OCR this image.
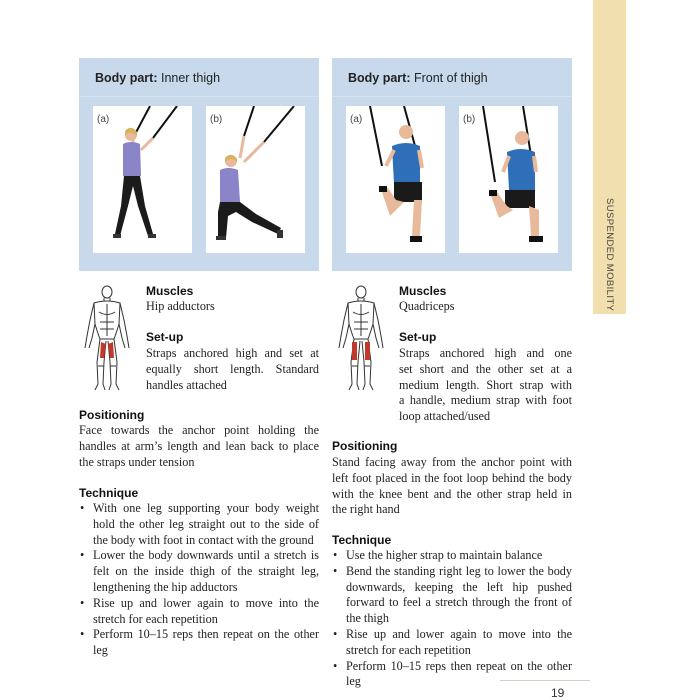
SUSPENDED MOBILITY
Body part: Inner thigh
(a)	(b)
Body part: Front of thigh
(a)	(b)
Muscles
Hip adductors
Set-up
Straps anchored high and set at
equally short length. Standard
handles attached
Positioning
Face towards the anchor point holding the
handles at arm’s length and lean back to place
the straps under tension
Technique
• With one leg supporting your body weight hold the other leg straight out to the side of the body with foot in contact with the ground
• Lower the body downwards until a stretch is felt on the inside thigh of the straight leg, lengthening the hip adductors
• Rise up and lower again to move into the stretch for each repetition
• Perform 10–15 reps then repeat on the other leg
Muscles
Quadriceps
Set-up
Straps anchored high and one
set short and the other set at a
medium length. Short strap with
a handle, medium strap with foot
loop attached/used
Positioning
Stand facing away from the anchor point with
left foot placed in the foot loop behind the body
with the knee bent and the other strap held in
the right hand
Technique
• Use the higher strap to maintain balance
• Bend the standing right leg to lower the body downwards, keeping the left hip pushed forward to feel a stretch through the front of the thigh
• Rise up and lower again to move into the stretch for each repetition
• Perform 10–15 reps then repeat on the other leg
19
